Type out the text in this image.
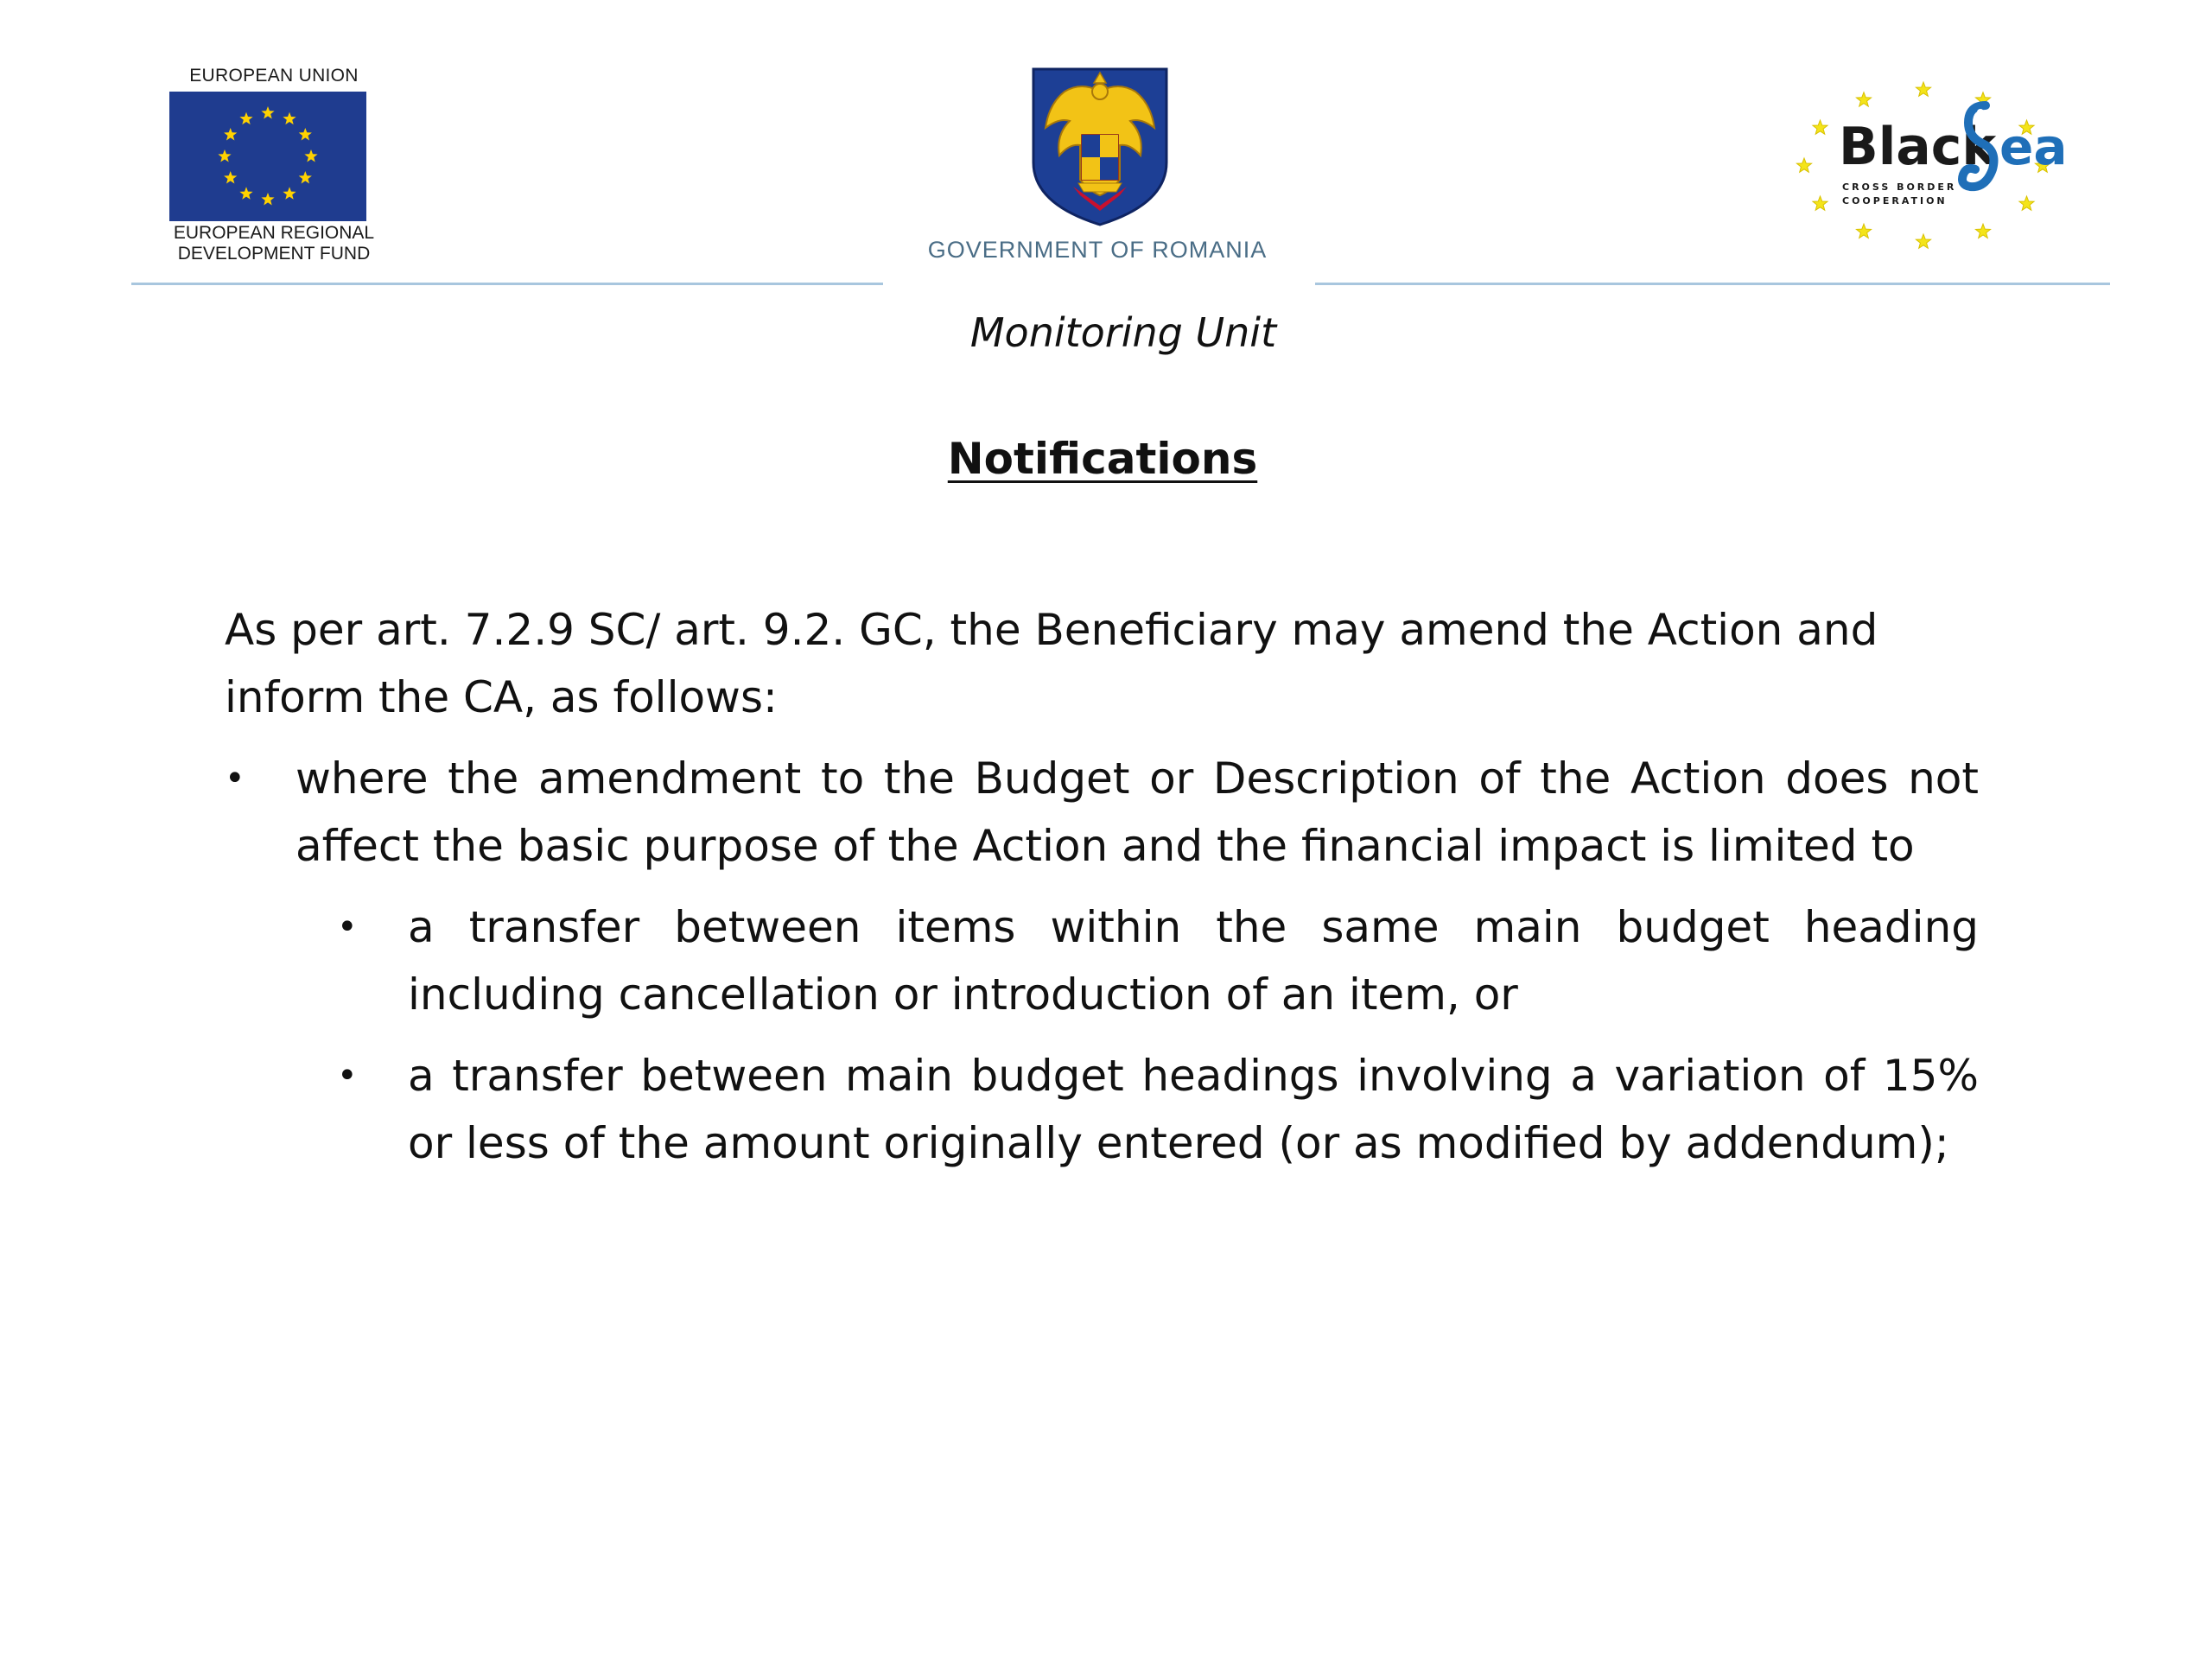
EUROPEAN UNION
EUROPEAN REGIONAL
DEVELOPMENT FUND	GOVERNMENT OF ROMANIA
Black ea
CROSS BORDER
COOPERATION
Monitoring Unit
Notifications

As per art. 7.2.9 SC/ art. 9.2. GC, the Beneficiary may amend the Action and inform the CA, as follows:

• where the amendment to the Budget or Description of the Action does not affect the basic purpose of the Action and the financial impact is limited to
• a transfer between items within the same main budget heading including cancellation or introduction of an item, or
• a transfer between main budget headings involving a variation of 15% or less of the amount originally entered (or as modified by addendum);
